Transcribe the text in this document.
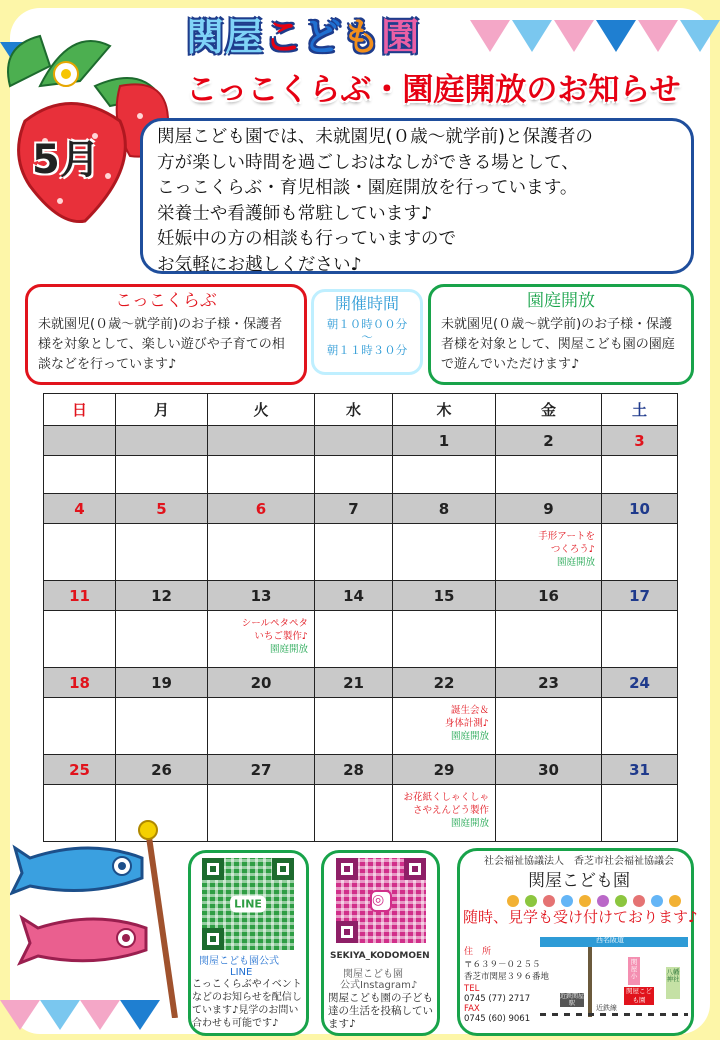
5月
関屋こども園
こっこくらぶ・園庭開放のお知らせ
関屋こども園では、未就園児(０歳～就学前)と保護者の
方が楽しい時間を過ごしおはなしができる場として、
こっこくらぶ・育児相談・園庭開放を行っています。
栄養士や看護師も常駐しています♪
妊娠中の方の相談も行っていますので
お気軽にお越しください♪
こっこくらぶ

未就園児(０歳～就学前)のお子様・保護者様を対象として、楽しい遊びや子育ての相談などを行っています♪

開催時間
朝１０時００分
～
朝１１時３０分
園庭開放

未就園児(０歳～就学前)のお子様・保護者様を対象として、関屋こども園の園庭で遊んでいただけます♪

日	月	火	水	木	金	土
				1	2	3

4	5	6	7	8	9	10

					手形アートを
つくろう♪
園庭開放	

11	12	13	14	15	16	17

		シールペタペタ
いちご製作♪
園庭開放				

18	19	20	21	22	23	24

				誕生会＆
身体計測♪
園庭開放		

25	26	27	28	29	30	31

				お花紙くしゃくしゃ
さやえんどう製作
園庭開放		

LINE
関屋こども園公式
LINE
こっこくらぶやイベントなどのお知らせを配信しています♪見学のお問い合わせも可能です♪
◎
SEKIYA_KODOMOEN
関屋こども園
公式Instagram♪
関屋こども園の子ども達の生活を投稿しています♪
社会福祉協議法人　香芝市社会福祉協議会
関屋こども園
随時、見学も受け付けております♪
住　所
〒６３９－０２５５
香芝市関屋３９６番地
TEL
0745 (77) 2717
FAX
0745 (60) 9061
西名阪道
関屋小	八幡神社
関屋こども園
近鉄関屋駅
近鉄線
